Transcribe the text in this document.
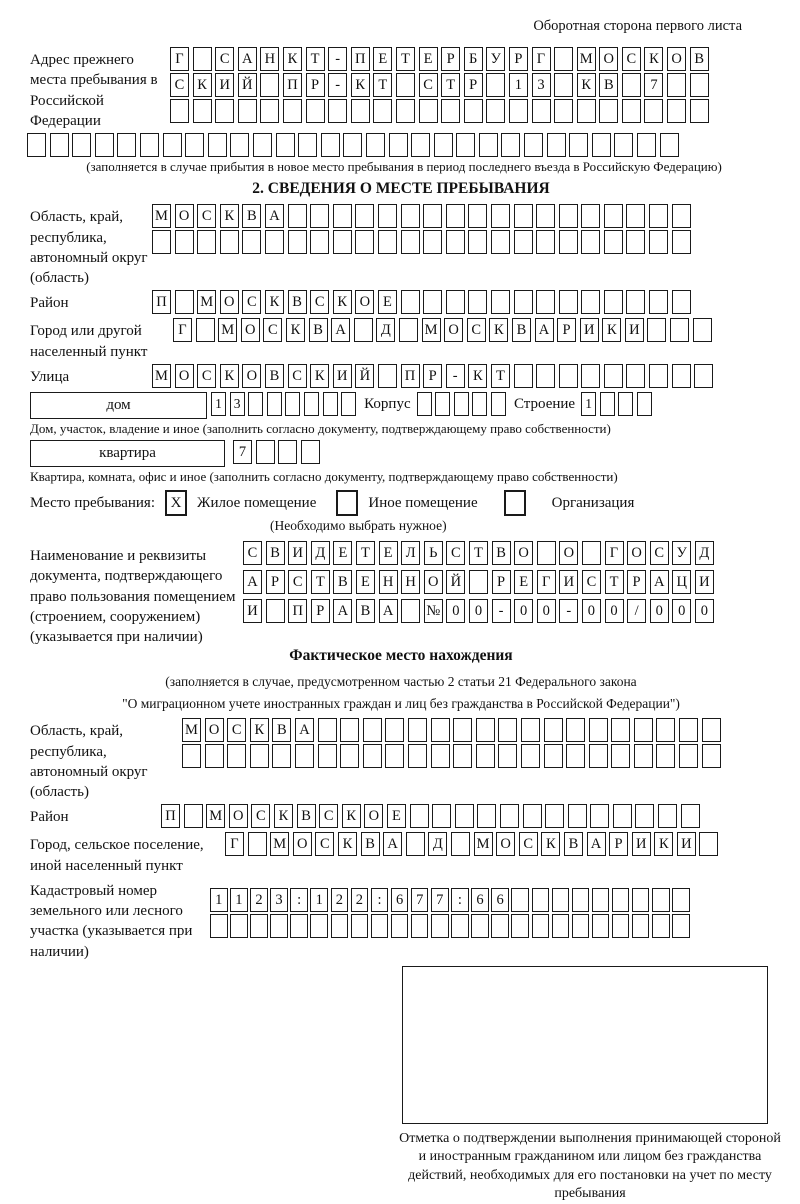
Оборотная сторона первого листа
Адрес прежнего места пребывания в Российской Федерации
Г	С А Н К Т	-	П Е Т Е Р Б У Р Г	М О С К О В
С К И Й П Р	-	К Т	С Т Р	1	3	К В	7
(заполняется в случае прибытия в новое место пребывания в период последнего въезда в Российскую Федерацию)
2. СВЕДЕНИЯ О МЕСТЕ ПРЕБЫВАНИЯ
Область, край, республика, автономный округ (область)
М О С К В А
Район	П М О С К В С К О Е
Город или другой населенный пункт
Г	М О С К В А	Д	М О С К В А Р И К И
Улица	М О С К О В С К И Й П Р	-	К Т
дом	1 3	Корпус	Строение 1
Дом, участок, владение и иное (заполнить согласно документу, подтверждающему право собственности)
квартира	7
Квартира, комната, офис и иное (заполнить согласно документу, подтверждающему право собственности)
Место пребывания:	X	Жилое помещение	Иное помещение	Организация
(Необходимо выбрать нужное)
Наименование и реквизиты документа, подтверждающего право пользования помещением (строением, сооружением) (указывается при наличии)
С В И Д Е Т Е Л Ь С Т В О О	Г О С У Д
А Р С Т В Е Н Н О Й	Р Е Г И С Т Р А Ц И
И П Р А В А № 0	0	-	0	0	-	0	0	/	0	0	0
Фактическое место нахождения
(заполняется в случае, предусмотренном частью 2 статьи 21 Федерального закона
"О миграционном учете иностранных граждан и лиц без гражданства в Российской Федерации")
Область, край, республика, автономный округ (область)
М О С К В А
Район	П М О С К В С К О Е
Город, сельское поселение, иной населенный пункт
Г	М О С К В А	Д	М О С К В А Р И К И
Кадастровый номер земельного или лесного участка (указывается при наличии)
1 1 2 3 : 1 2 2 : 6 7 7 : 6 6
Отметка о подтверждении выполнения принимающей стороной и иностранным гражданином или лицом без гражданства действий, необходимых для его постановки на учет по месту пребывания
